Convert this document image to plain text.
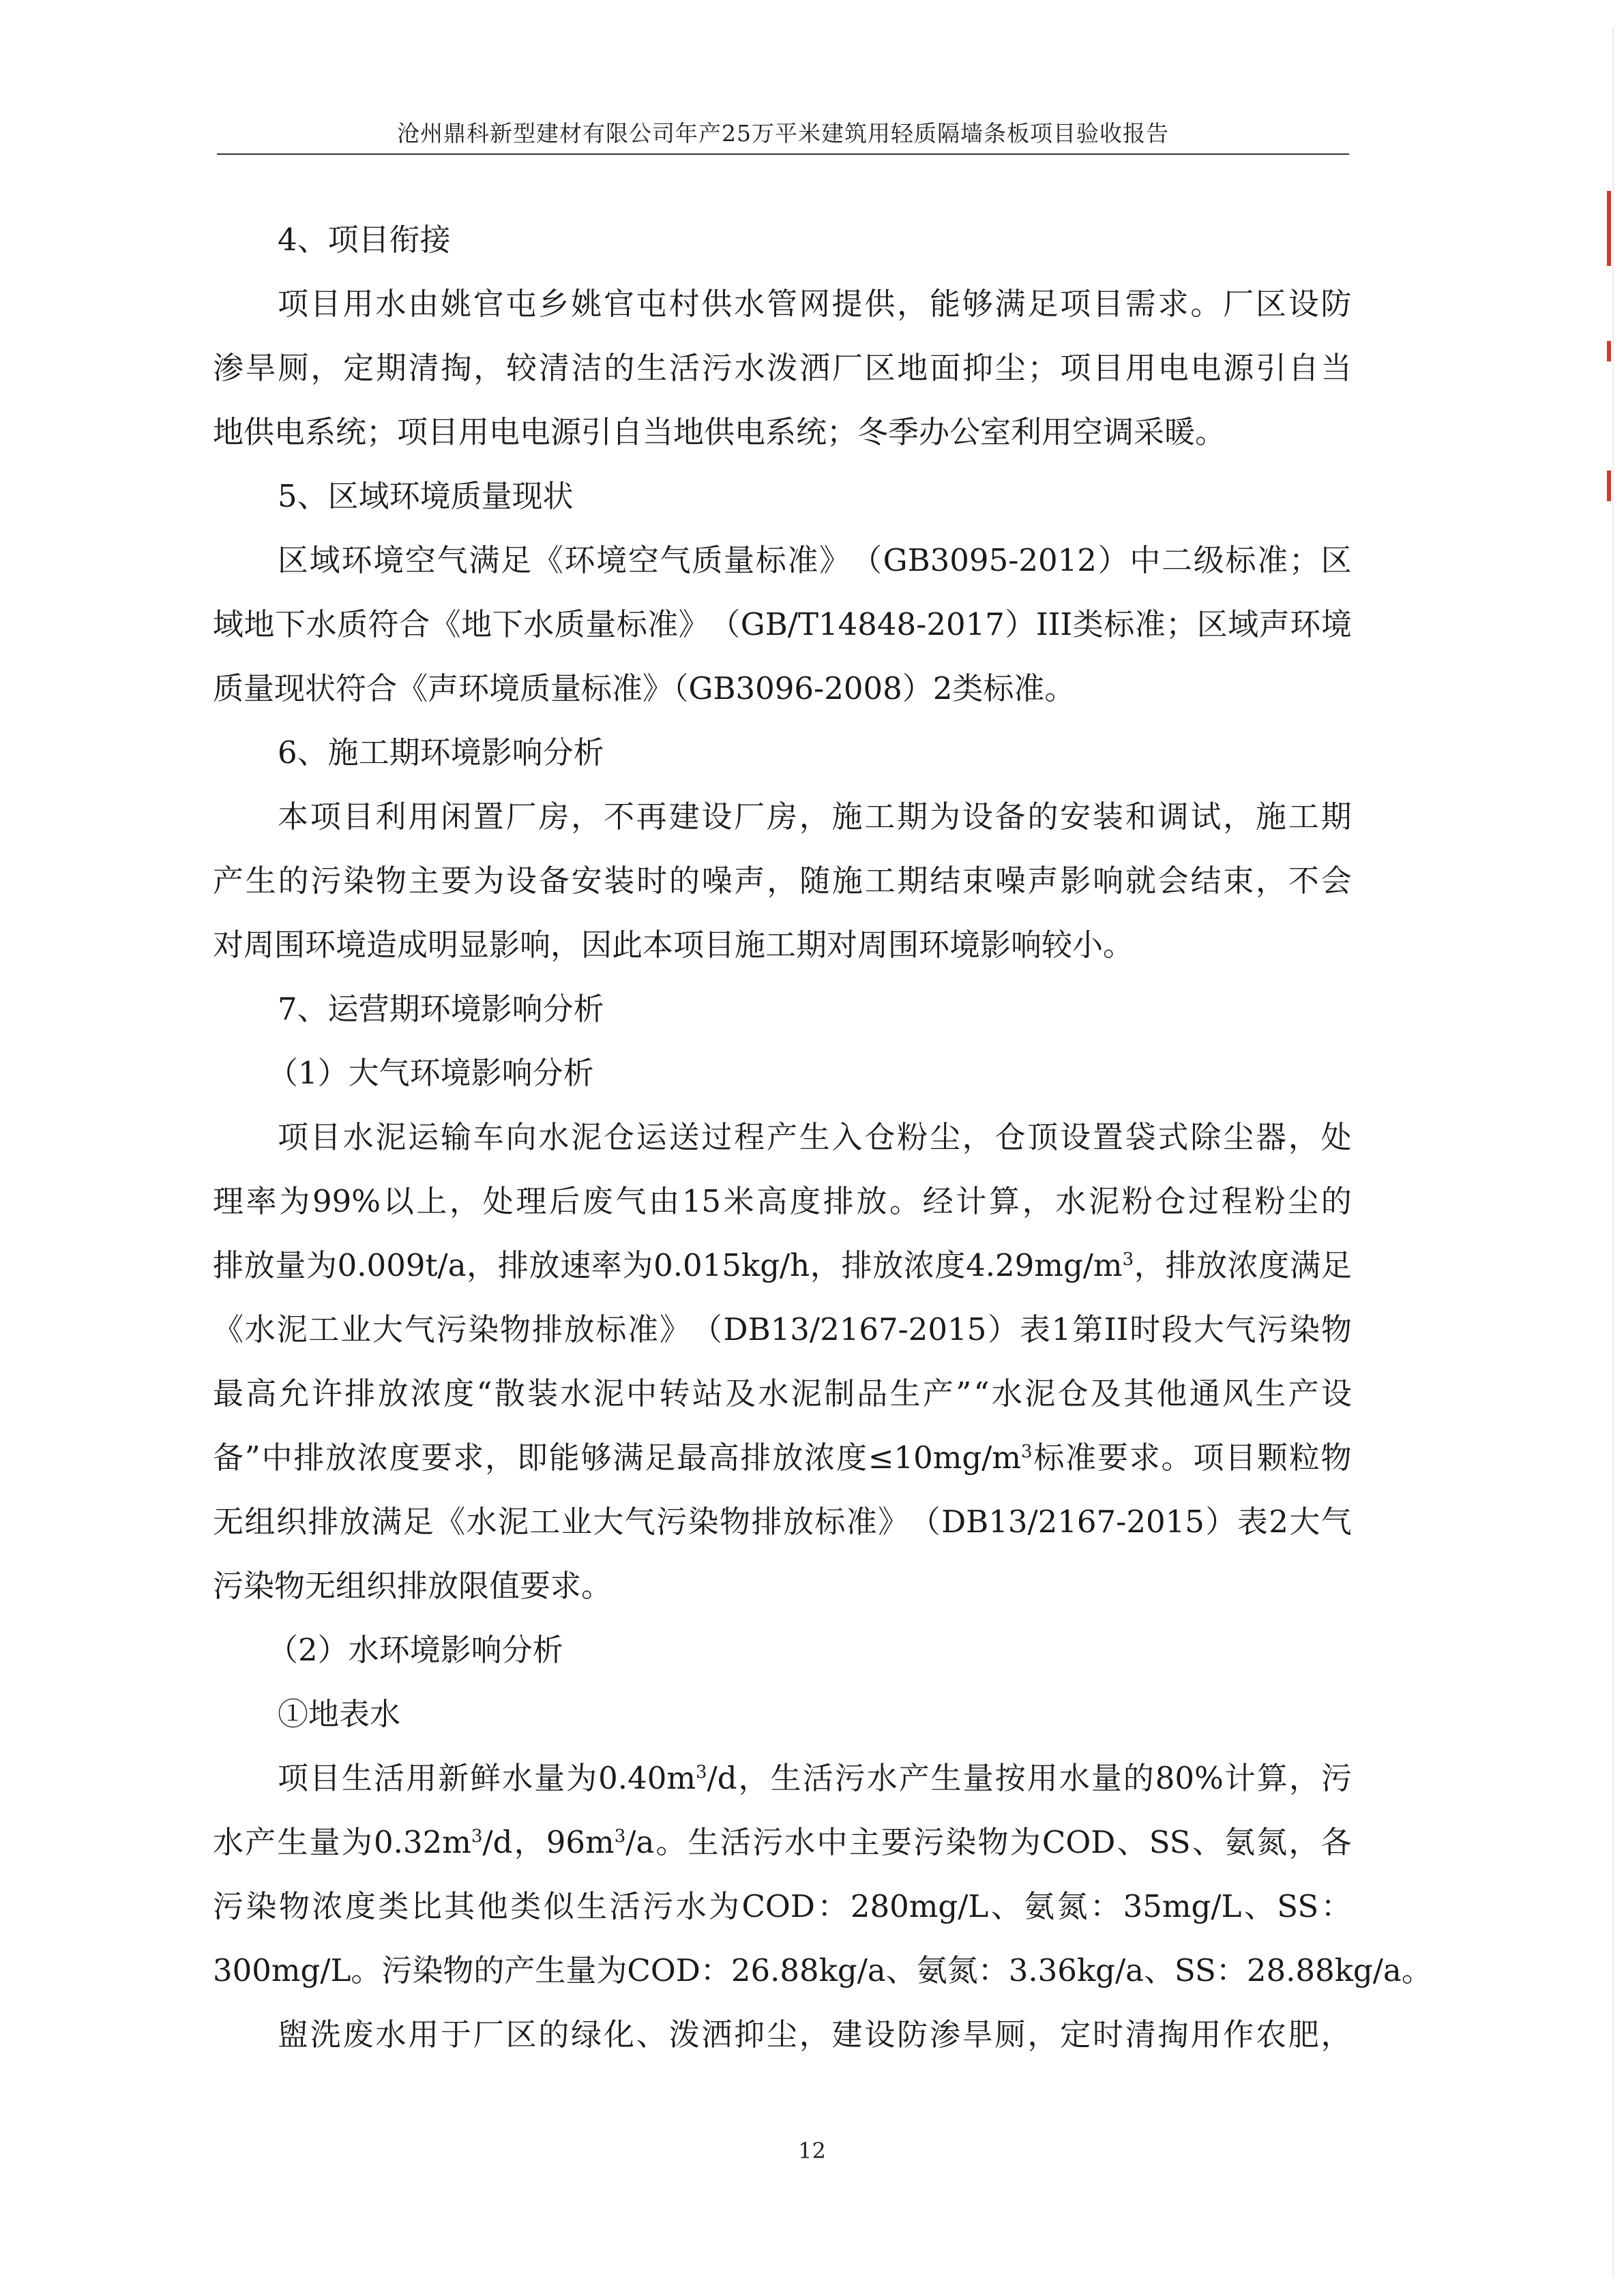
沧州鼎科新型建材有限公司年产25万平米建筑用轻质隔墙条板项目验收报告
4、项目衔接
项 目 用 水 由 姚 官 屯 乡 姚 官 屯 村 供 水 管 网 提 供 ， 能 够 满 足 项 目 需 求 。 厂 区 设 防
渗 旱 厕 ， 定 期 清 掏 ， 较 清 洁 的 生 活 污 水 泼 洒 厂 区 地 面 抑 尘 ； 项 目 用 电 电 源 引 自 当
地供电系统；项目用电电源引自当地供电系统；冬季办公室利用空调采暖。
5、区域环境质量现状
区 域 环 境 空 气 满 足 《 环 境 空 气 质 量 标 准 》 （ GB3095-2012 ） 中 二 级 标 准 ； 区
域 地 下 水 质 符 合 《 地 下 水 质 量 标 准 》 （ GB/T14848-2017 ） III 类 标 准 ； 区 域 声 环 境
质量现状符合《声环境质量标准》（GB3096-2008）2类标准。
6、施工期环境影响分析
本 项 目 利 用 闲 置 厂 房 ， 不 再 建 设 厂 房 ， 施 工 期 为 设 备 的 安 装 和 调 试 ， 施 工 期
产 生 的 污 染 物 主 要 为 设 备 安 装 时 的 噪 声 ， 随 施 工 期 结 束 噪 声 影 响 就 会 结 束 ， 不 会
对周围环境造成明显影响，因此本项目施工期对周围环境影响较小。
7、运营期环境影响分析
（1）大气环境影响分析
项 目 水 泥 运 输 车 向 水 泥 仓 运 送 过 程 产 生 入 仓 粉 尘 ， 仓 顶 设 置 袋 式 除 尘 器 ， 处
理 率 为 99% 以 上 ， 处 理 后 废 气 由 15 米 高 度 排 放 。 经 计 算 ， 水 泥 粉 仓 过 程 粉 尘 的
排 放 量 为 0.009t/a ， 排 放 速 率 为 0.015kg/h ， 排 放 浓 度 $4.29mg/m^3$ ， 排 放 浓 度 满 足
《 水 泥 工 业 大 气 污 染 物 排 放 标 准 》 （ DB13/2167-2015 ） 表 1 第 II 时 段 大 气 污 染 物
最 高 允 许 排 放 浓 度 “ 散 装 水 泥 中 转 站 及 水 泥 制 品 生 产 ” “ 水 泥 仓 及 其 他 通 风 生 产 设
备 ” 中 排 放 浓 度 要 求 ， 即 能 够 满 足 最 高 排 放 浓 度 $\le 10mg/m^3$ 标 准 要 求 。 项 目 颗 粒 物
无 组 织 排 放 满 足 《 水 泥 工 业 大 气 污 染 物 排 放 标 准 》 （ DB13/2167-2015 ） 表 2 大 气
污染物无组织排放限值要求。
（2）水环境影响分析
①地表水
项 目 生 活 用 新 鲜 水 量 为 $0.40m^3/d$ ， 生 活 污 水 产 生 量 按 用 水 量 的 80% 计 算 ， 污
水 产 生 量 为 $0.32m^3/d$ ， $96m^3/a$ 。 生 活 污 水 中 主 要 污 染 物 为 COD 、 SS 、 氨 氮 ， 各
污 染 物 浓 度 类 比 其 他 类 似 生 活 污 水 为 COD ： 280mg/L 、 氨 氮 ： 35mg/L 、 SS ：
300mg/L。污染物的产生量为COD：26.88kg/a、氨氮：3.36kg/a、SS：28.88kg/a。
盥 洗 废 水 用 于 厂 区 的 绿 化 、 泼 洒 抑 尘 ， 建 设 防 渗 旱 厕 ， 定 时 清 掏 用 作 农 肥 ，
12
